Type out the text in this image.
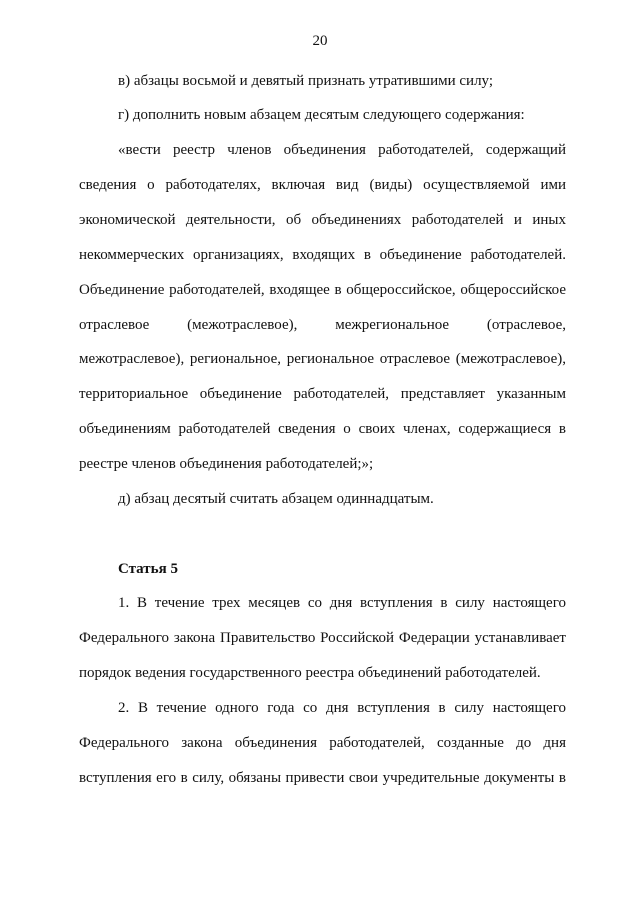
20
в) абзацы восьмой и девятый признать утратившими силу;
г) дополнить новым абзацем десятым следующего содержания:
«вести реестр членов объединения работодателей, содержащий
сведения о работодателях, включая вид (виды) осуществляемой ими
экономической деятельности, об объединениях работодателей и иных
некоммерческих организациях, входящих в объединение работодателей.
Объединение работодателей, входящее в общероссийское, общероссийское
отраслевое (межотраслевое), межрегиональное (отраслевое,
межотраслевое), региональное, региональное отраслевое (межотраслевое),
территориальное объединение работодателей, представляет указанным
объединениям работодателей сведения о своих членах, содержащиеся в
реестре членов объединения работодателей;»;
д) абзац десятый считать абзацем одиннадцатым.
Статья 5
1. В течение трех месяцев со дня вступления в силу настоящего
Федерального закона Правительство Российской Федерации устанавливает
порядок ведения государственного реестра объединений работодателей.
2. В течение одного года со дня вступления в силу настоящего
Федерального закона объединения работодателей, созданные до дня
вступления его в силу, обязаны привести свои учредительные документы в
